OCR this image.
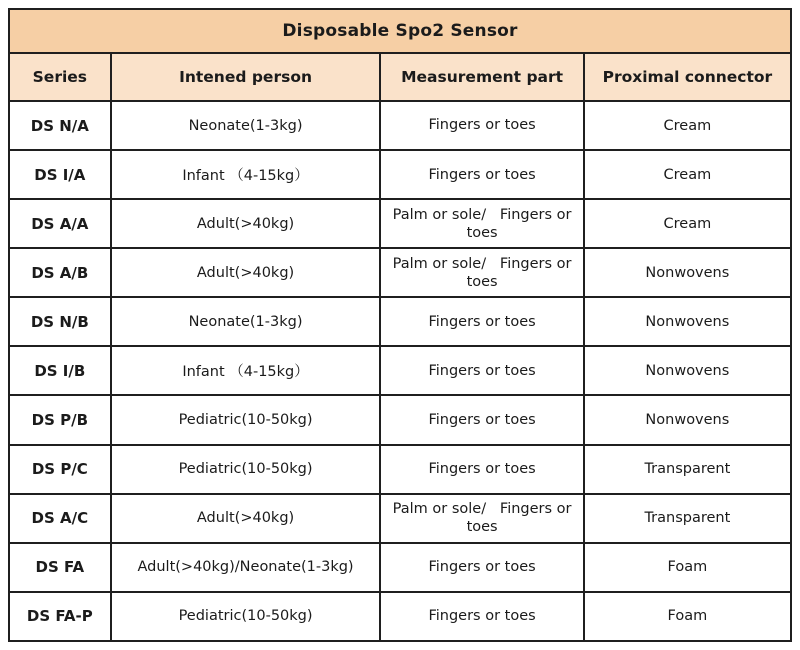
Disposable Spo2 Sensor			
Series	Intened person	Measurement part	Proximal connector
DS N/A	Neonate(1-3kg)	Fingers or toes	Cream
DS I/A	Infant （4-15kg）	Fingers or toes	Cream
DS A/A	Adult(>40kg)	Palm or sole/   Fingers or toes	Cream
DS A/B	Adult(>40kg)	Palm or sole/   Fingers or toes	Nonwovens
DS N/B	Neonate(1-3kg)	Fingers or toes	Nonwovens
DS I/B	Infant （4-15kg）	Fingers or toes	Nonwovens
DS P/B	Pediatric(10-50kg)	Fingers or toes	Nonwovens
DS P/C	Pediatric(10-50kg)	Fingers or toes	Transparent
DS A/C	Adult(>40kg)	Palm or sole/   Fingers or toes	Transparent
DS FA	Adult(>40kg)/Neonate(1-3kg)	Fingers or toes	Foam
DS FA-P	Pediatric(10-50kg)	Fingers or toes	Foam
